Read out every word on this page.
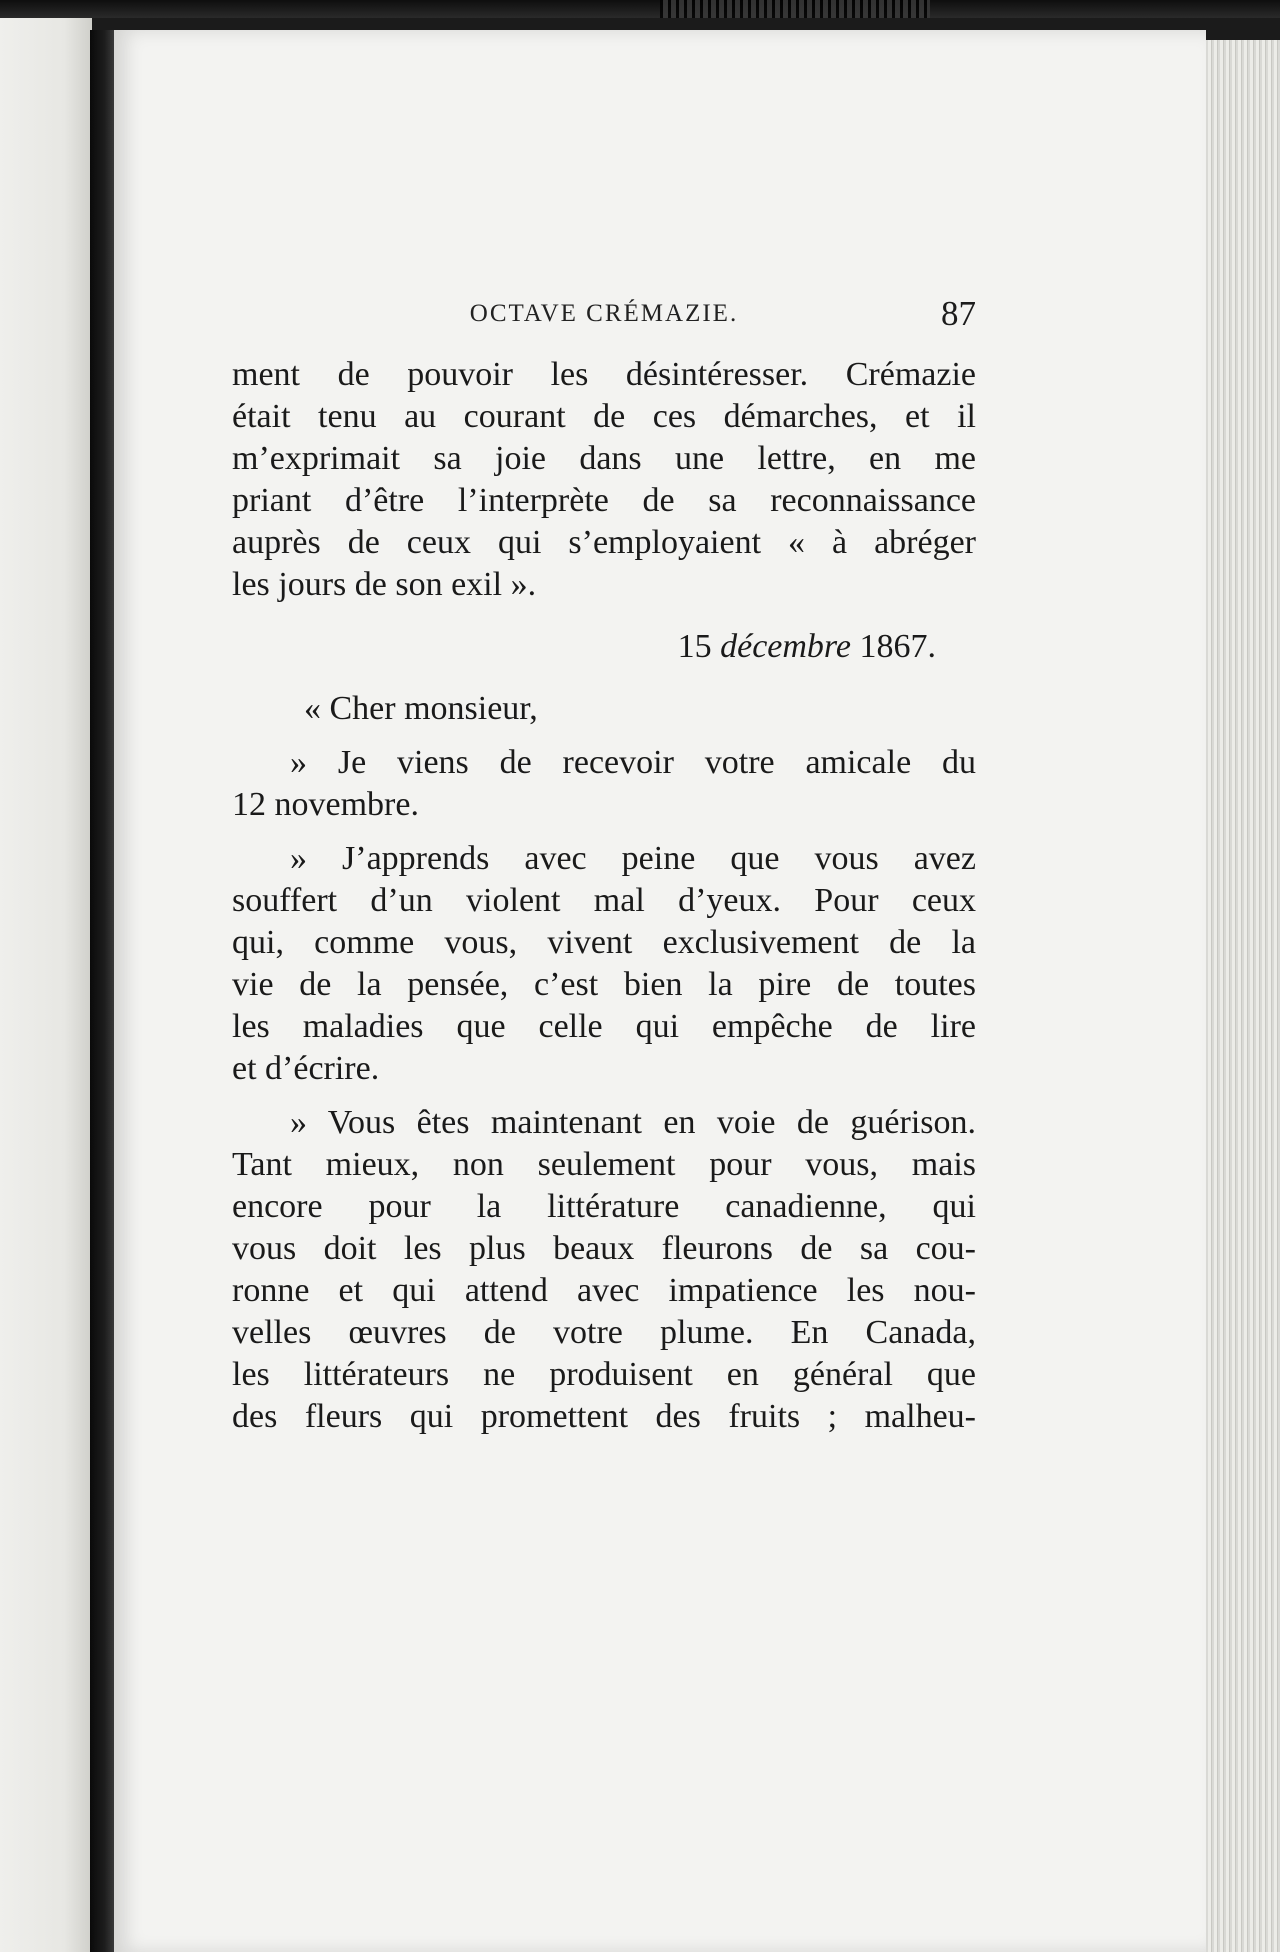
OCTAVE CRÉMAZIE.	87
ment de pouvoir les désintéresser. Crémazie
était tenu au courant de ces démarches, et il
m’exprimait sa joie dans une lettre, en me
priant d’être l’interprète de sa reconnaissance
auprès de ceux qui s’employaient « à abréger
les jours de son exil ».
15 décembre 1867.
« Cher monsieur,
» Je viens de recevoir votre amicale du
12 novembre.
» J’apprends avec peine que vous avez
souffert d’un violent mal d’yeux. Pour ceux
qui, comme vous, vivent exclusivement de la
vie de la pensée, c’est bien la pire de toutes
les maladies que celle qui empêche de lire
et d’écrire.
» Vous êtes maintenant en voie de guérison.
Tant mieux, non seulement pour vous, mais
encore pour la littérature canadienne, qui
vous doit les plus beaux fleurons de sa cou-
ronne et qui attend avec impatience les nou-
velles œuvres de votre plume. En Canada,
les littérateurs ne produisent en général que
des fleurs qui promettent des fruits ; malheu-
